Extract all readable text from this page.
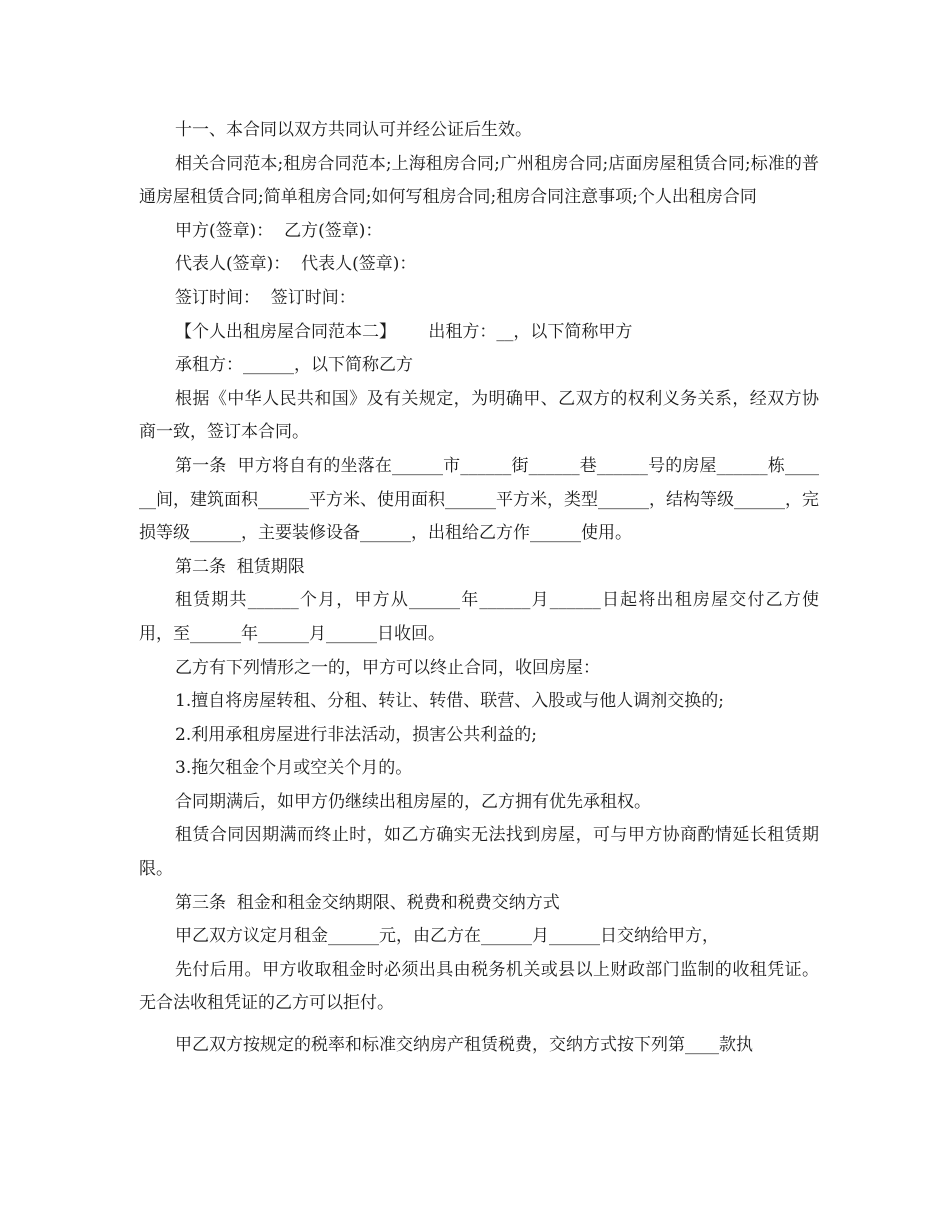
十一、本合同以双方共同认可并经公证后生效。

相关合同范本;租房合同范本;上海租房合同;广州租房合同;店面房屋租赁合同;标准的普通房屋租赁合同;简单租房合同;如何写租房合同;租房合同注意事项;个人出租房合同

甲方(签章)：  乙方(签章)：

代表人(签章)：  代表人(签章)：

签订时间：  签订时间：

【个人出租房屋合同范本二】      出租方：__，以下简称甲方

承租方：______，以下简称乙方

根据《中华人民共和国》及有关规定，为明确甲、乙双方的权利义务关系，经双方协商一致，签订本合同。

第一条  甲方将自有的坐落在______市______街______巷______号的房屋______栋______间，建筑面积______平方米、使用面积______平方米，类型______，结构等级______，完损等级______，主要装修设备______，出租给乙方作______使用。

第二条  租赁期限

租赁期共______个月，甲方从______年______月______日起将出租房屋交付乙方使用，至______年______月______日收回。

乙方有下列情形之一的，甲方可以终止合同，收回房屋：

1.擅自将房屋转租、分租、转让、转借、联营、入股或与他人调剂交换的;

2.利用承租房屋进行非法活动，损害公共利益的;

3.拖欠租金个月或空关个月的。

合同期满后，如甲方仍继续出租房屋的，乙方拥有优先承租权。

租赁合同因期满而终止时，如乙方确实无法找到房屋，可与甲方协商酌情延长租赁期限。

第三条  租金和租金交纳期限、税费和税费交纳方式

甲乙双方议定月租金______元，由乙方在______月______日交纳给甲方，

先付后用。甲方收取租金时必须出具由税务机关或县以上财政部门监制的收租凭证。无合法收租凭证的乙方可以拒付。

甲乙双方按规定的税率和标准交纳房产租赁税费，交纳方式按下列第____款执
